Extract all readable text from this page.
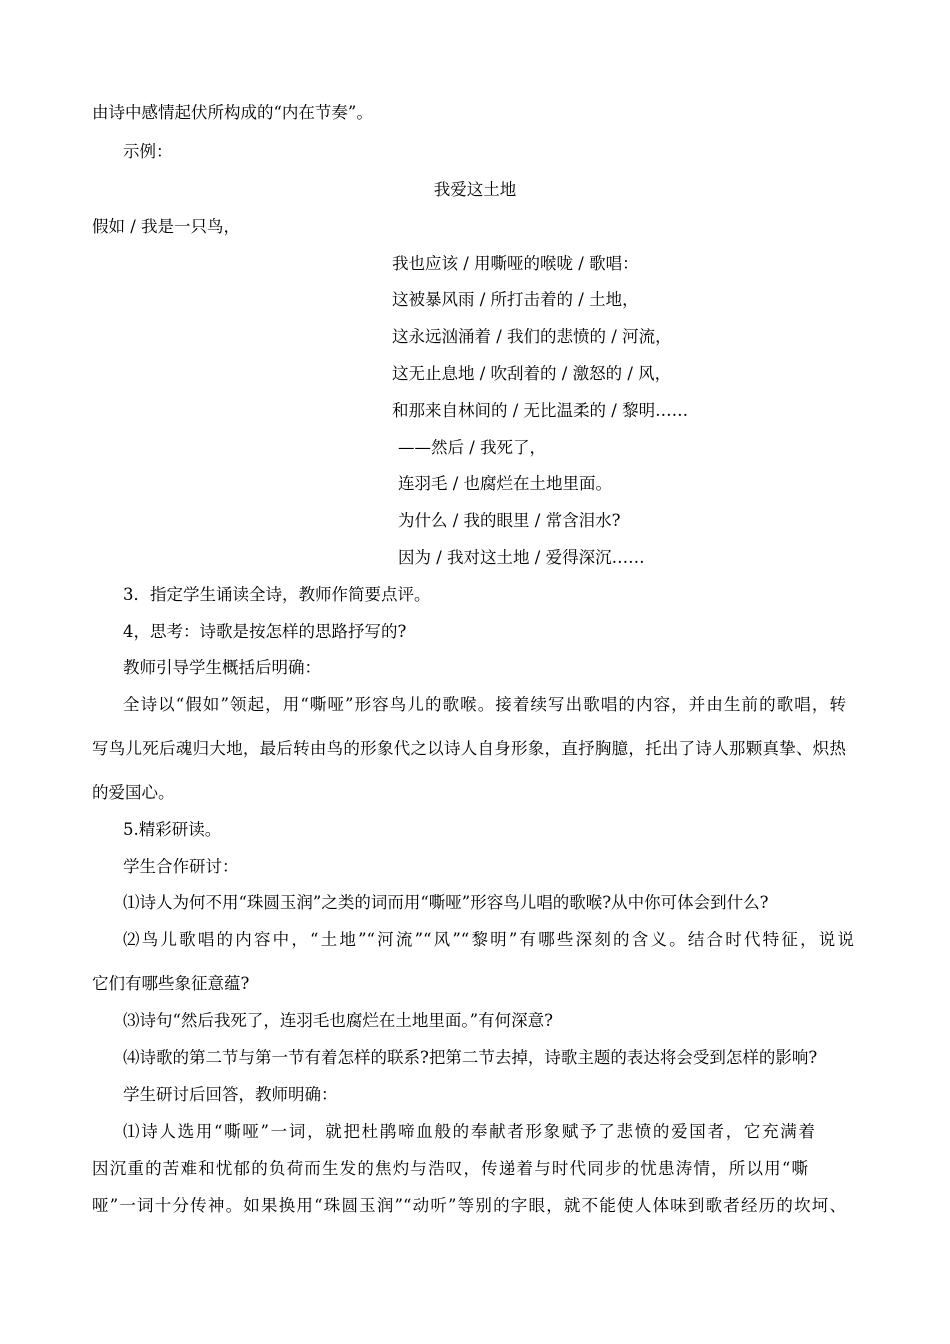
由诗中感情起伏所构成的“内在节奏”。
示例：
我爱这土地
假如 / 我是一只鸟，
我也应该 / 用嘶哑的喉咙 / 歌唱：
这被暴风雨 / 所打击着的 / 土地，
这永远汹涌着 / 我们的悲愤的 / 河流，
这无止息地 / 吹刮着的 / 激怒的 / 风，
和那来自林间的 / 无比温柔的 / 黎明……
——然后 / 我死了，
连羽毛 / 也腐烂在土地里面。
为什么 / 我的眼里 / 常含泪水?
因为 / 我对这土地 / 爱得深沉……
3．指定学生诵读全诗，教师作简要点评。
4，思考：诗歌是按怎样的思路抒写的?
教师引导学生概括后明确：
全诗以“假如”领起，用“嘶哑”形容鸟儿的歌喉。接着续写出歌唱的内容，并由生前的歌唱，转
写鸟儿死后魂归大地，最后转由鸟的形象代之以诗人自身形象，直抒胸臆，托出了诗人那颗真挚、炽热
的爱国心。
5.精彩研读。
学生合作研讨：
⑴诗人为何不用“珠圆玉润”之类的词而用“嘶哑”形容鸟儿唱的歌喉?从中你可体会到什么?
⑵鸟儿歌唱的内容中，“土地”“河流”“风”“黎明”有哪些深刻的含义。结合时代特征，说说
它们有哪些象征意蕴?
⑶诗句“然后我死了，连羽毛也腐烂在土地里面。”有何深意?
⑷诗歌的第二节与第一节有着怎样的联系?把第二节去掉，诗歌主题的表达将会受到怎样的影响?
学生研讨后回答，教师明确：
⑴诗人选用“嘶哑”一词，就把杜鹃啼血般的奉献者形象赋予了悲愤的爱国者，它充满着
因沉重的苦难和忧郁的负荷而生发的焦灼与浩叹，传递着与时代同步的忧患涛情，所以用“嘶
哑”一词十分传神。如果换用“珠圆玉润”“动听”等别的字眼，就不能使人体味到歌者经历的坎坷、
